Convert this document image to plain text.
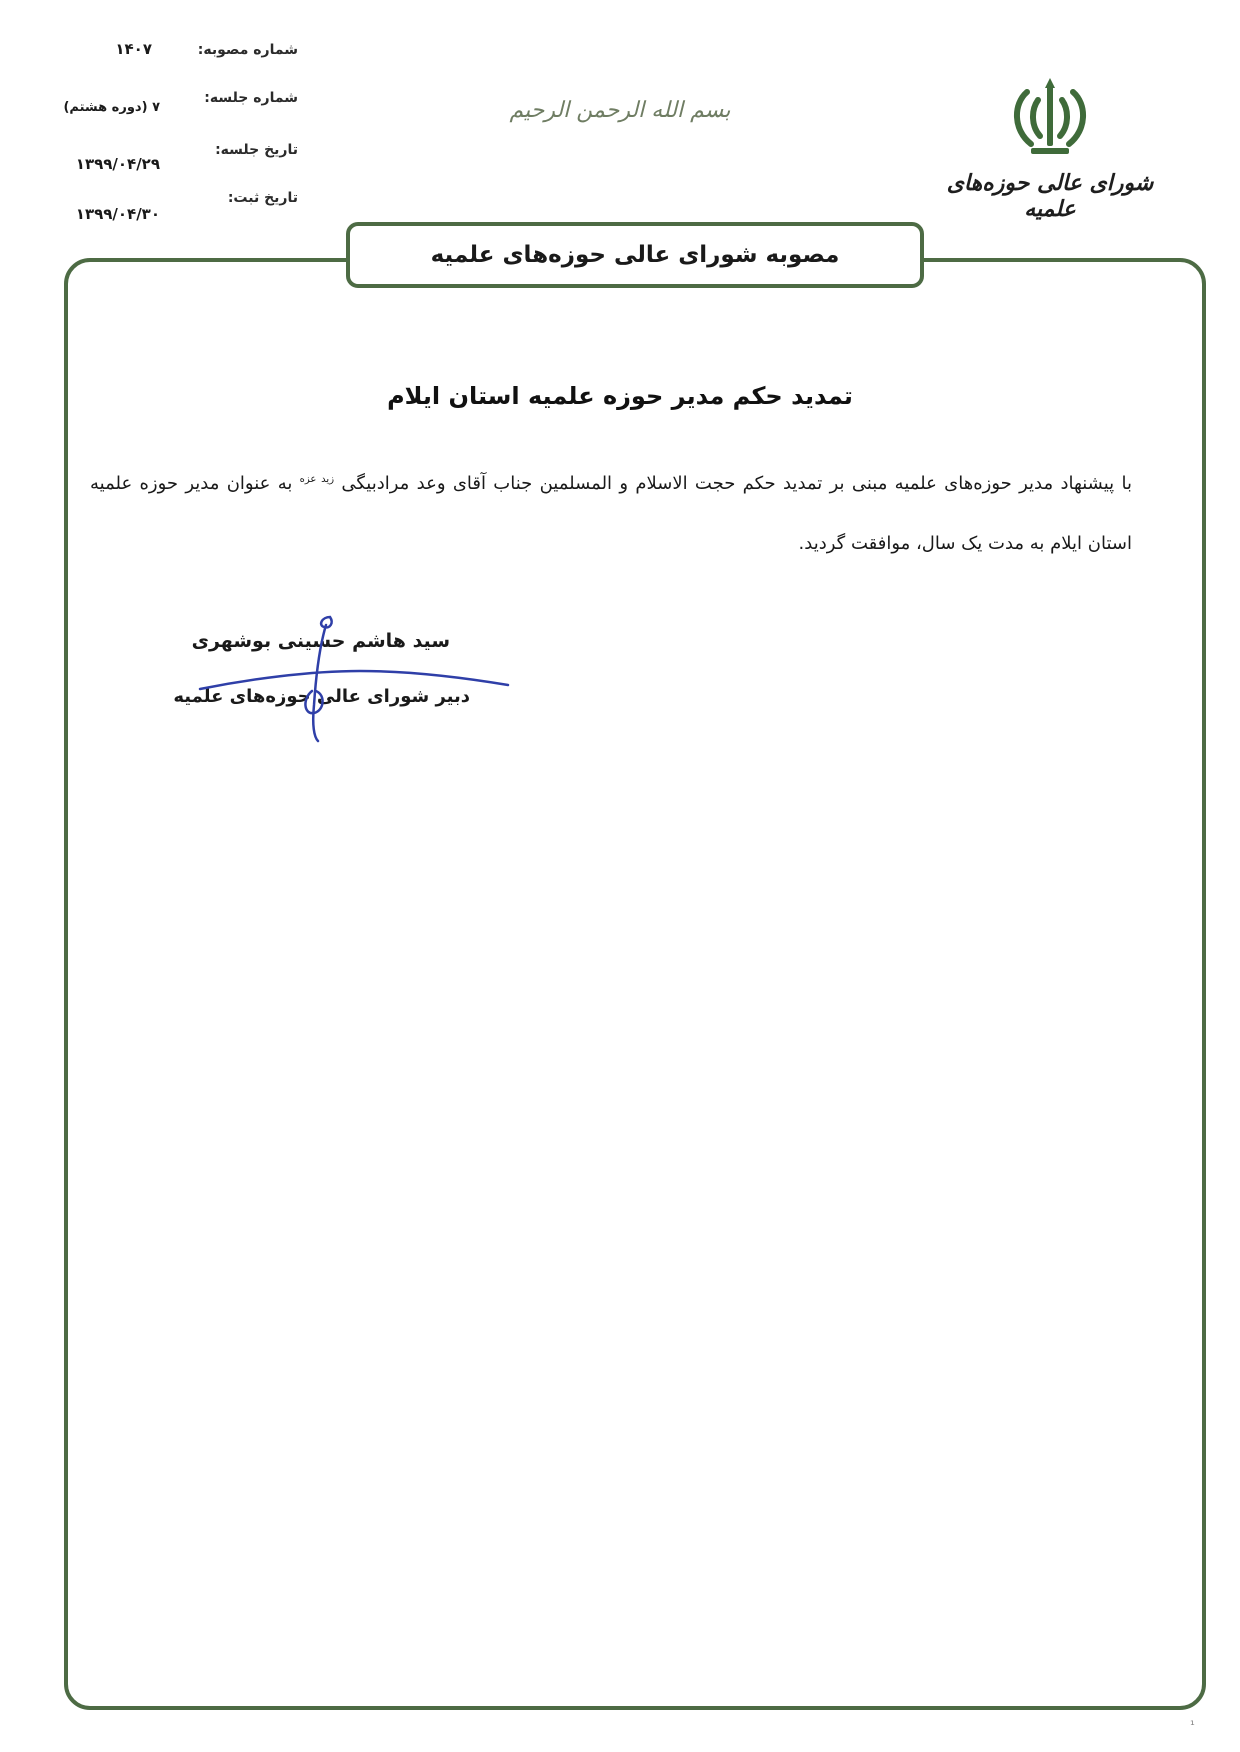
شماره مصوبه:
۱۴۰۷
شماره جلسه:
۷ (دوره هشتم)
تاریخ جلسه:
۱۳۹۹/۰۴/۲۹
تاریخ ثبت:
۱۳۹۹/۰۴/۳۰
بسم الله الرحمن الرحیم
شورای عالی حوزه‌های علمیه
مصوبه شورای عالی حوزه‌های علمیه
تمدید حکم مدیر حوزه علمیه استان ایلام
با پیشنهاد مدیر حوزه‌های علمیه مبنی بر تمدید حکم حجت الاسلام و المسلمین جناب آقای وعد مرادبیگی $^{زید عزه}$ به عنوان مدیر حوزه علمیه استان ایلام به مدت یک سال، موافقت گردید.
سید هاشم حسینی بوشهری
دبیر شورای عالی حوزه‌های علمیه
¹
